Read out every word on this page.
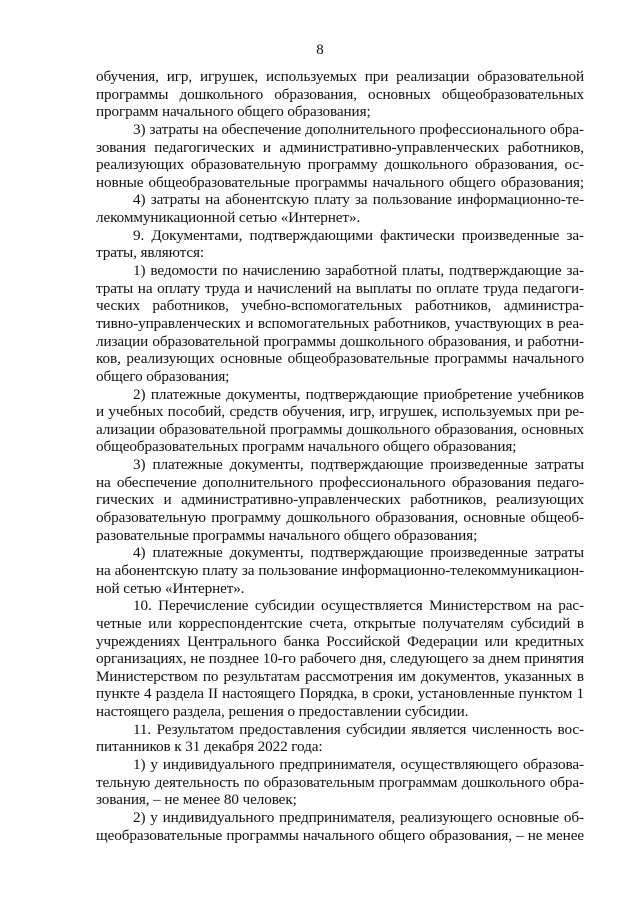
8
обучения, игр, игрушек, используемых при реализации образовательной
программы дошкольного образования, основных общеобразовательных
программ начального общего образования;
3) затраты на обеспечение дополнительного профессионального обра-
зования педагогических и административно-управленческих работников,
реализующих образовательную программу дошкольного образования, ос-
новные общеобразовательные программы начального общего образования;
4) затраты на абонентскую плату за пользование информационно-те-
лекоммуникационной сетью «Интернет».
9. Документами, подтверждающими фактически произведенные за-
траты, являются:
1) ведомости по начислению заработной платы, подтверждающие за-
траты на оплату труда и начислений на выплаты по оплате труда педагоги-
ческих работников, учебно-вспомогательных работников, администра-
тивно-управленческих и вспомогательных работников, участвующих в реа-
лизации образовательной программы дошкольного образования, и работни-
ков, реализующих основные общеобразовательные программы начального
общего образования;
2) платежные документы, подтверждающие приобретение учебников
и учебных пособий, средств обучения, игр, игрушек, используемых при ре-
ализации образовательной программы дошкольного образования, основных
общеобразовательных программ начального общего образования;
3) платежные документы, подтверждающие произведенные затраты
на обеспечение дополнительного профессионального образования педаго-
гических и административно-управленческих работников, реализующих
образовательную программу дошкольного образования, основные общеоб-
разовательные программы начального общего образования;
4) платежные документы, подтверждающие произведенные затраты
на абонентскую плату за пользование информационно-телекоммуникацион-
ной сетью «Интернет».
10. Перечисление субсидии осуществляется Министерством на рас-
четные или корреспондентские счета, открытые получателям субсидий в
учреждениях Центрального банка Российской Федерации или кредитных
организациях, не позднее 10-го рабочего дня, следующего за днем принятия
Министерством по результатам рассмотрения им документов, указанных в
пункте 4 раздела II настоящего Порядка, в сроки, установленные пунктом 1
настоящего раздела, решения о предоставлении субсидии.
11. Результатом предоставления субсидии является численность вос-
питанников к 31 декабря 2022 года:
1) у индивидуального предпринимателя, осуществляющего образова-
тельную деятельность по образовательным программам дошкольного обра-
зования, – не менее 80 человек;
2) у индивидуального предпринимателя, реализующего основные об-
щеобразовательные программы начального общего образования, – не менее
